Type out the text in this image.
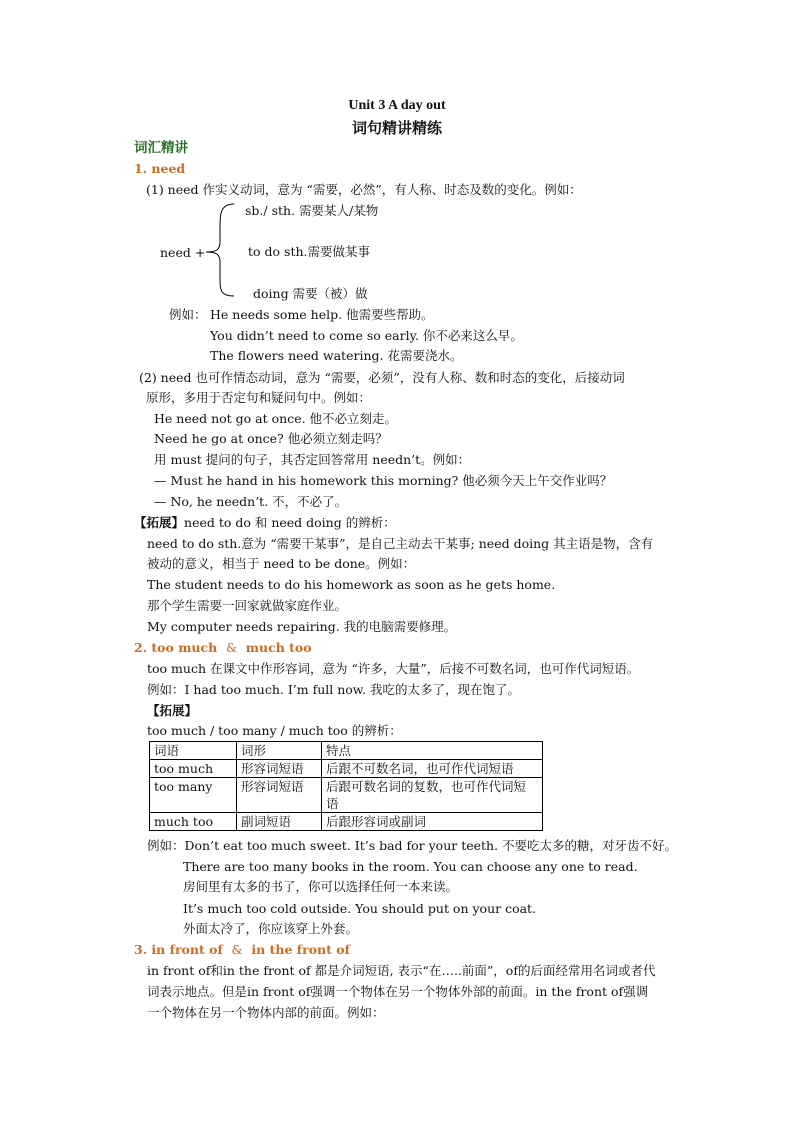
Unit 3 A day out
词句精讲精练
词汇精讲
1. need
(1) need 作实义动词，意为 “需要，必然”，有人称、时态及数的变化。例如：
need +
sb./ sth. 需要某人/某物
to do sth.需要做某事
doing 需要（被）做
例如： He needs some help. 他需要些帮助。
You didn’t need to come so early. 你不必来这么早。
The flowers need watering. 花需要浇水。
(2) need 也可作情态动词，意为 “需要，必须”，没有人称、数和时态的变化，后接动词
原形，多用于否定句和疑问句中。例如：
He need not go at once. 他不必立刻走。
Need he go at once? 他必须立刻走吗？
用 must 提问的句子，其否定回答常用 needn’t。例如：
— Must he hand in his homework this morning? 他必须今天上午交作业吗？
— No, he needn’t. 不，不必了。
【拓展】need to do 和 need doing 的辨析：
need to do sth.意为 “需要干某事”，是自己主动去干某事; need doing 其主语是物，含有
被动的意义，相当于 need to be done。例如：
The student needs to do his homework as soon as he gets home.
那个学生需要一回家就做家庭作业。
My computer needs repairing. 我的电脑需要修理。
2. too much & much too
too much 在课文中作形容词，意为 “许多，大量”，后接不可数名词，也可作代词短语。
例如：I had too much. I’m full now. 我吃的太多了，现在饱了。
【拓展】
too much / too many / much too 的辨析：
词语	词形	特点
too much	形容词短语	后跟不可数名词，也可作代词短语
too many	形容词短语	后跟可数名词的复数，也可作代词短语
much too	副词短语	后跟形容词或副词
例如：Don’t eat too much sweet. It’s bad for your teeth. 不要吃太多的糖，对牙齿不好。
There are too many books in the room. You can choose any one to read.
房间里有太多的书了，你可以选择任何一本来读。
It’s much too cold outside. You should put on your coat.
外面太冷了，你应该穿上外套。
3. in front of & in the front of
in front of和in the front of 都是介词短语, 表示“在…..前面”，of的后面经常用名词或者代
词表示地点。但是in front of强调一个物体在另一个物体外部的前面。in the front of强调
一个物体在另一个物体内部的前面。例如：
